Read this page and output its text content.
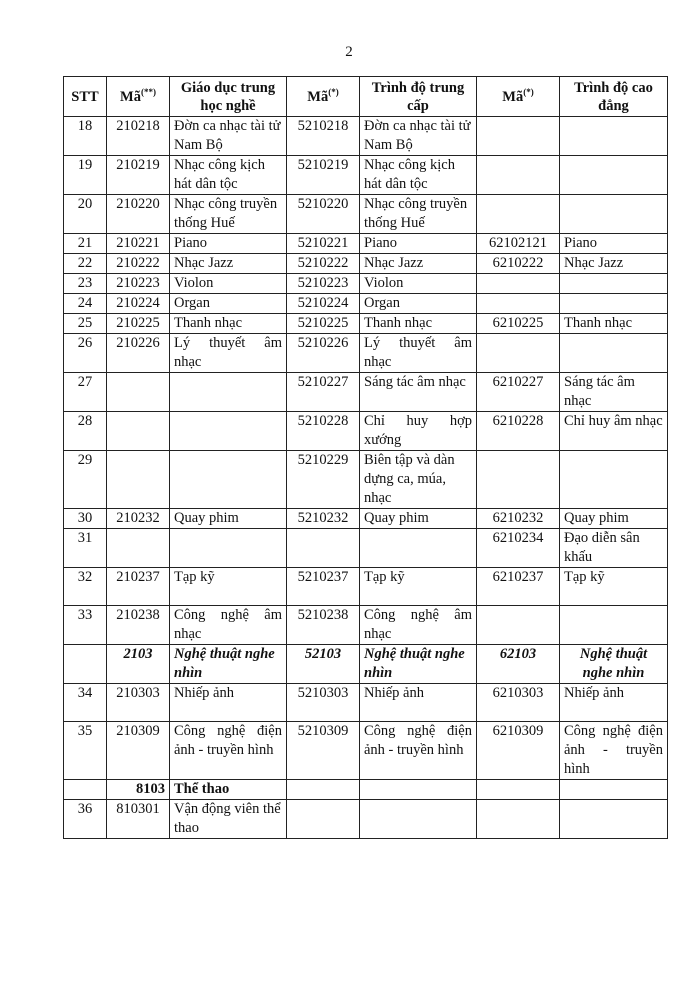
2
STT	Mã(**)	Giáo dục trung học nghề	Mã(*)	Trình độ trung cấp	Mã(*)	Trình độ cao đẳng
18	210218	Đờn ca nhạc tài tử Nam Bộ	5210218	Đờn ca nhạc tài tử Nam Bộ		
19	210219	Nhạc công kịch hát dân tộc	5210219	Nhạc công kịch hát dân tộc		
20	210220	Nhạc công truyền thống Huế	5210220	Nhạc công truyền thống Huế		
21	210221	Piano	5210221	Piano	62102121	Piano
22	210222	Nhạc Jazz	5210222	Nhạc Jazz	6210222	Nhạc Jazz
23	210223	Violon	5210223	Violon		
24	210224	Organ	5210224	Organ		
25	210225	Thanh nhạc	5210225	Thanh nhạc	6210225	Thanh nhạc
26	210226	Lý thuyết âm nhạc	5210226	Lý thuyết âm nhạc		
27			5210227	Sáng tác âm nhạc	6210227	Sáng tác âm nhạc
28			5210228	Chỉ huy hợp xướng	6210228	Chỉ huy âm nhạc
29			5210229	Biên tập và dàn dựng ca, múa, nhạc		
30	210232	Quay phim	5210232	Quay phim	6210232	Quay phim
31					6210234	Đạo diễn sân khấu
32	210237	Tạp kỹ	5210237	Tạp kỹ	6210237	Tạp kỹ
33	210238	Công nghệ âm nhạc	5210238	Công nghệ âm nhạc		
	2103	Nghệ thuật nghe nhìn	52103	Nghệ thuật nghe nhìn	62103	Nghệ thuật nghe nhìn
34	210303	Nhiếp ảnh	5210303	Nhiếp ảnh	6210303	Nhiếp ảnh
35	210309	Công nghệ điện ảnh - truyền hình	5210309	Công nghệ điện ảnh - truyền hình	6210309	Công nghệ điện ảnh - truyền hình
	8103	Thể thao				
36	810301	Vận động viên thể thao				
